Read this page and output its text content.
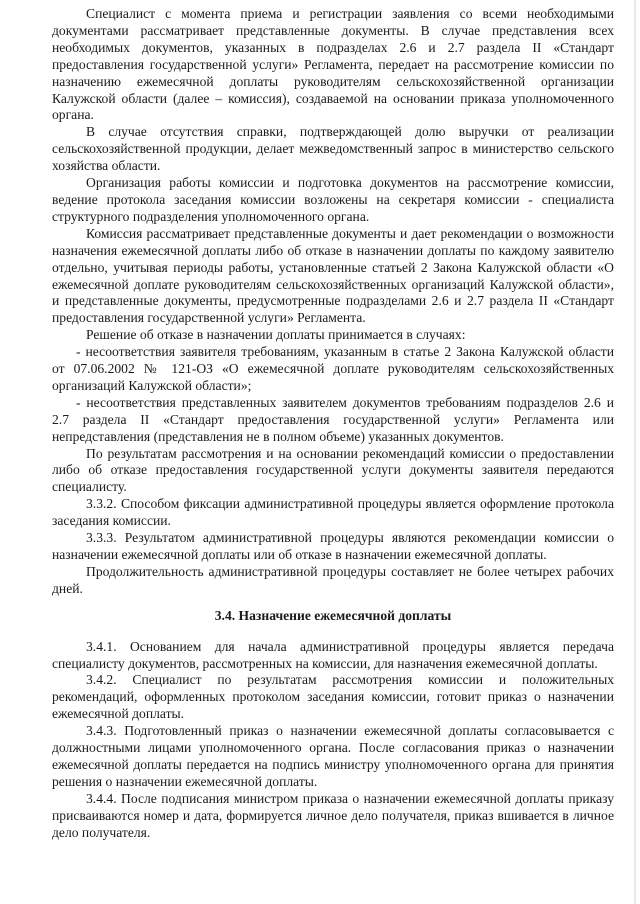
Специалист с момента приема и регистрации заявления со всеми необходимыми документами рассматривает представленные документы. В случае представления всех необходимых документов, указанных в подразделах 2.6 и 2.7 раздела II «Стандарт предоставления государственной услуги» Регламента, передает на рассмотрение комиссии по назначению ежемесячной доплаты руководителям сельскохозяйственной организации Калужской области (далее – комиссия), создаваемой на основании приказа уполномоченного органа.

В случае отсутствия справки, подтверждающей долю выручки от реализации сельскохозяйственной продукции, делает межведомственный запрос в министерство сельского хозяйства области.

Организация работы комиссии и подготовка документов на рассмотрение комиссии, ведение протокола заседания комиссии возложены на секретаря комиссии - специалиста структурного подразделения уполномоченного органа.

Комиссия рассматривает представленные документы и дает рекомендации о возможности назначения ежемесячной доплаты либо об отказе в назначении доплаты по каждому заявителю отдельно, учитывая периоды работы, установленные статьей 2 Закона Калужской области «О ежемесячной доплате руководителям сельскохозяйственных организаций Калужской области», и представленные документы, предусмотренные подразделами 2.6 и 2.7 раздела II «Стандарт предоставления государственной услуги» Регламента.

Решение об отказе в назначении доплаты принимается в случаях:

- несоответствия заявителя требованиям, указанным в статье 2 Закона Калужской области от 07.06.2002 № 121-ОЗ «О ежемесячной доплате руководителям сельскохозяйственных организаций Калужской области»;

- несоответствия представленных заявителем документов требованиям подразделов 2.6 и 2.7 раздела II «Стандарт предоставления государственной услуги» Регламента или непредставления (представления не в полном объеме) указанных документов.

По результатам рассмотрения и на основании рекомендаций комиссии о предоставлении либо об отказе предоставления государственной услуги документы заявителя передаются специалисту.

3.3.2. Способом фиксации административной процедуры является оформление протокола заседания комиссии.

3.3.3. Результатом административной процедуры являются рекомендации комиссии о назначении ежемесячной доплаты или об отказе в назначении ежемесячной доплаты.

Продолжительность административной процедуры составляет не более четырех рабочих дней.

3.4. Назначение ежемесячной доплаты

3.4.1. Основанием для начала административной процедуры является передача специалисту документов, рассмотренных на комиссии, для назначения ежемесячной доплаты.

3.4.2. Специалист по результатам рассмотрения комиссии и положительных рекомендаций, оформленных протоколом заседания комиссии, готовит приказ о назначении ежемесячной доплаты.

3.4.3. Подготовленный приказ о назначении ежемесячной доплаты согласовывается с должностными лицами уполномоченного органа. После согласования приказ о назначении ежемесячной доплаты передается на подпись министру уполномоченного органа для принятия решения о назначении ежемесячной доплаты.

3.4.4. После подписания министром приказа о назначении ежемесячной доплаты приказу присваиваются номер и дата, формируется личное дело получателя, приказ вшивается в личное дело получателя.
